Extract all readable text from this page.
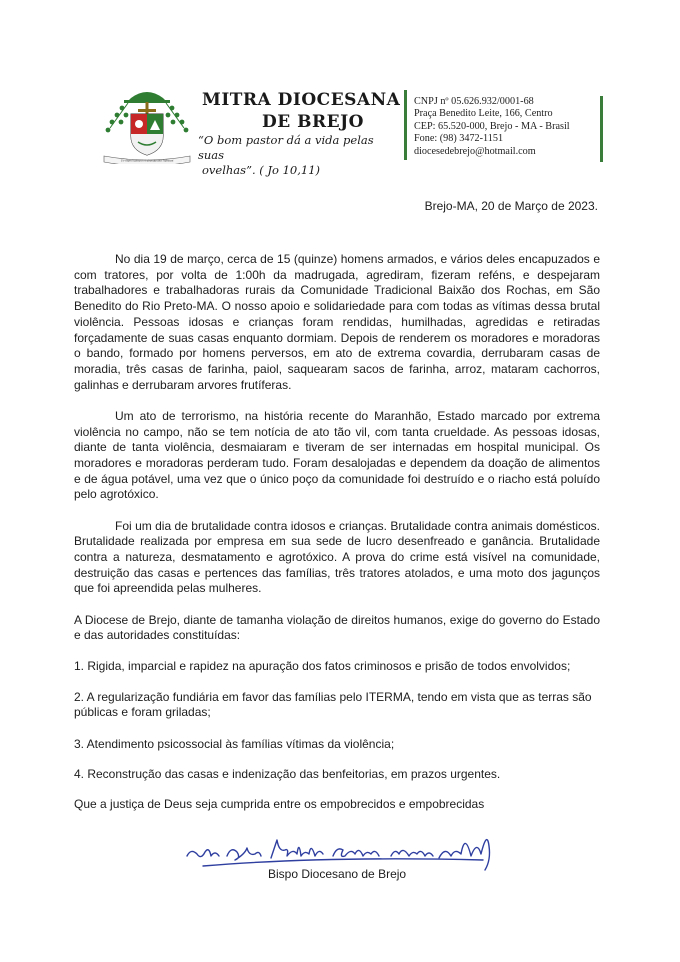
Ut vitam habeant et abundantius habeant
MITRA DIOCESANA
DE BREJO
“O bom pastor dá a vida pelas suas
ovelhas”. ( Jo 10,11)
CNPJ nº 05.626.932/0001-68
Praça Benedito Leite, 166, Centro
CEP: 65.520-000, Brejo - MA - Brasil
Fone: (98) 3472-1151
diocesedebrejo@hotmail.com
Brejo-MA, 20 de Março de 2023.

No dia 19 de março, cerca de 15 (quinze) homens armados, e vários deles encapuzados e com tratores, por volta de 1:00h da madrugada, agrediram, fizeram reféns, e despejaram trabalhadores e trabalhadoras rurais da Comunidade Tradicional Baixão dos Rochas, em São Benedito do Rio Preto-MA. O nosso apoio e solidariedade para com todas as vítimas dessa brutal violência. Pessoas idosas e crianças foram rendidas, humilhadas, agredidas e retiradas forçadamente de suas casas enquanto dormiam. Depois de renderem os moradores e moradoras o bando, formado por homens perversos, em ato de extrema covardia, derrubaram casas de moradia, três casas de farinha, paiol, saquearam sacos de farinha, arroz, mataram cachorros, galinhas e derrubaram arvores frutíferas.

Um ato de terrorismo, na história recente do Maranhão, Estado marcado por extrema violência no campo, não se tem notícia de ato tão vil, com tanta crueldade. As pessoas idosas, diante de tanta violência, desmaiaram e tiveram de ser internadas em hospital municipal. Os moradores e moradoras perderam tudo. Foram desalojadas e dependem da doação de alimentos e de água potável, uma vez que o único poço da comunidade foi destruído e o riacho está poluído pelo agrotóxico.

Foi um dia de brutalidade contra idosos e crianças. Brutalidade contra animais domésticos. Brutalidade realizada por empresa em sua sede de lucro desenfreado e ganância. Brutalidade contra a natureza, desmatamento e agrotóxico. A prova do crime está visível na comunidade, destruição das casas e pertences das famílias, três tratores atolados, e uma moto dos jagunços que foi apreendida pelas mulheres.

A Diocese de Brejo, diante de tamanha violação de direitos humanos, exige do governo do Estado e das autoridades constituídas:

1. Rigida, imparcial e rapidez na apuração dos fatos criminosos e prisão de todos envolvidos;

2. A regularização fundiária em favor das famílias pelo ITERMA, tendo em vista que as terras são públicas e foram griladas;

3. Atendimento psicossocial às famílias vítimas da violência;

4. Reconstrução das casas e indenização das benfeitorias, em prazos urgentes.

Que a justiça de Deus seja cumprida entre os empobrecidos e empobrecidas

Bispo Diocesano de Brejo
